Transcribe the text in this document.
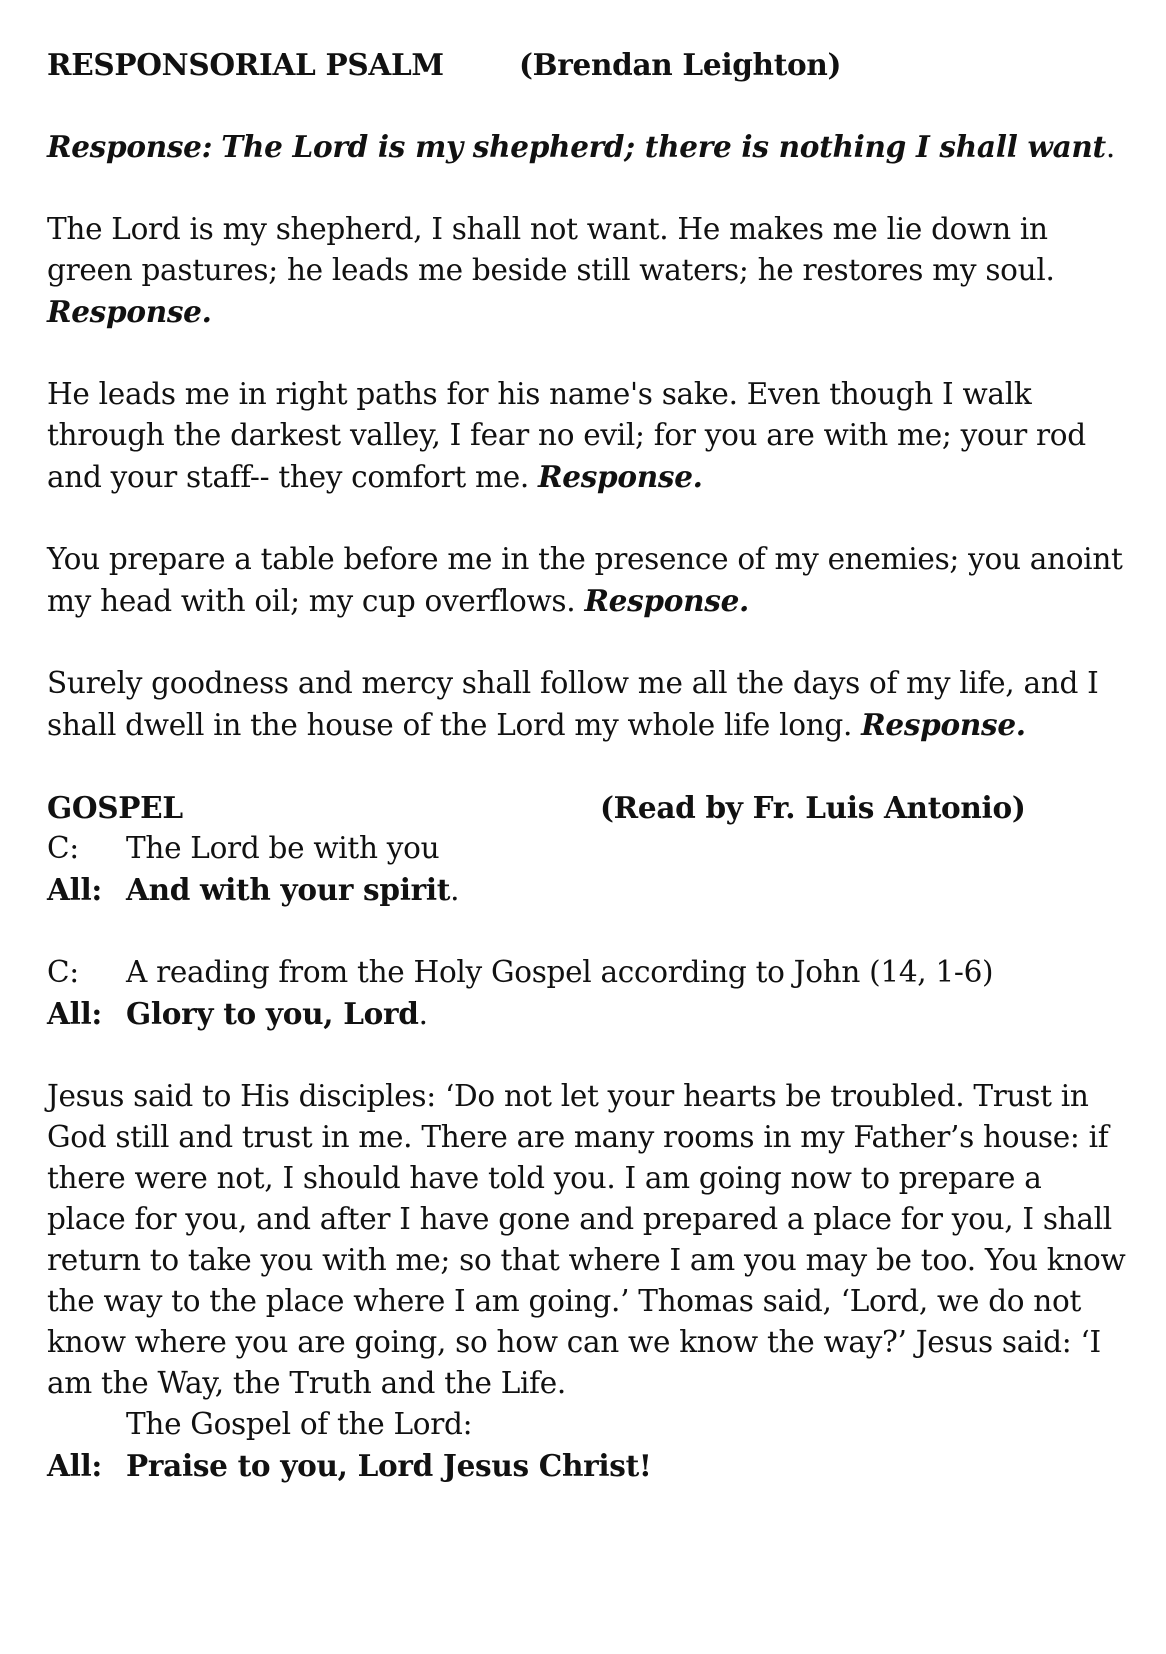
RESPONSORIAL PSALM	(Brendan Leighton)

Response: The Lord is my shepherd; there is nothing I shall want.

The Lord is my shepherd, I shall not want. He makes me lie down in green pastures; he leads me beside still waters; he restores my soul. Response.

He leads me in right paths for his name's sake. Even though I walk through the darkest valley, I fear no evil; for you are with me; your rod and your staff-- they comfort me. Response.

You prepare a table before me in the presence of my enemies; you anoint my head with oil; my cup overflows. Response.

Surely goodness and mercy shall follow me all the days of my life, and I shall dwell in the house of the Lord my whole life long. Response.

GOSPEL	(Read by Fr. Luis Antonio)
C:	The Lord be with you
All: And with your spirit.
C:	A reading from the Holy Gospel according to John (14, 1-6)
All: Glory to you, Lord.

Jesus said to His disciples: ‘Do not let your hearts be troubled. Trust in God still and trust in me. There are many rooms in my Father’s house: if there were not, I should have told you. I am going now to prepare a place for you, and after I have gone and prepared a place for you, I shall return to take you with me; so that where I am you may be too. You know the way to the place where I am going.’ Thomas said, ‘Lord, we do not know where you are going, so how can we know the way?’ Jesus said: ‘I am the Way, the Truth and the Life.

The Gospel of the Lord:
All: Praise to you, Lord Jesus Christ!
